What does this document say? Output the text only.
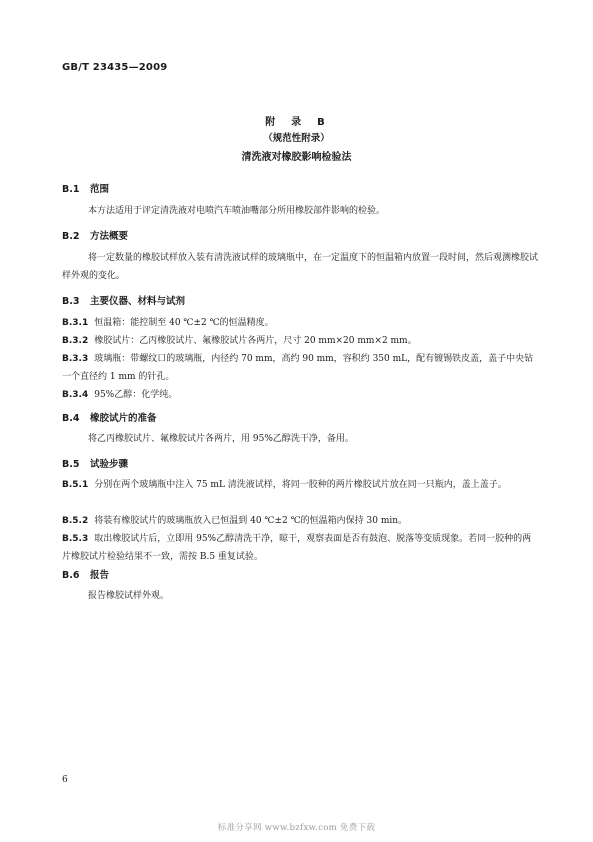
GB/T 23435—2009
附　录　B
（规范性附录）
清洗液对橡胶影响检验法
B.1 范围
本方法适用于评定清洗液对电喷汽车喷油嘴部分所用橡胶部件影响的检验。
B.2 方法概要
将一定数量的橡胶试样放入装有清洗液试样的玻璃瓶中，在一定温度下的恒温箱内放置一段时间，然后观测橡胶试样外观的变化。
B.3 主要仪器、材料与试剂
B.3.1 恒温箱：能控制至 40 ℃±2 ℃的恒温精度。
B.3.2 橡胶试片：乙丙橡胶试片、氟橡胶试片各两片，尺寸 20 mm×20 mm×2 mm。
B.3.3 玻璃瓶：带螺纹口的玻璃瓶，内径约 70 mm，高约 90 mm，容积约 350 mL，配有镀锡铁皮盖，盖子中央钻一个直径约 1 mm 的针孔。
B.3.4 95%乙醇：化学纯。
B.4 橡胶试片的准备
将乙丙橡胶试片、氟橡胶试片各两片，用 95%乙醇洗干净，备用。
B.5 试验步骤
B.5.1 分别在两个玻璃瓶中注入 75 mL 清洗液试样，将同一胶种的两片橡胶试片放在同一只瓶内，盖上盖子。
B.5.2 将装有橡胶试片的玻璃瓶放入已恒温到 40 ℃±2 ℃的恒温箱内保持 30 min。
B.5.3 取出橡胶试片后，立即用 95%乙醇清洗干净，晾干，观察表面是否有鼓泡、脱落等变质现象。若同一胶种的两片橡胶试片检验结果不一致，需按 B.5 重复试验。
B.6 报告
报告橡胶试样外观。
6
标准分享网 www.bzfxw.com 免费下载
